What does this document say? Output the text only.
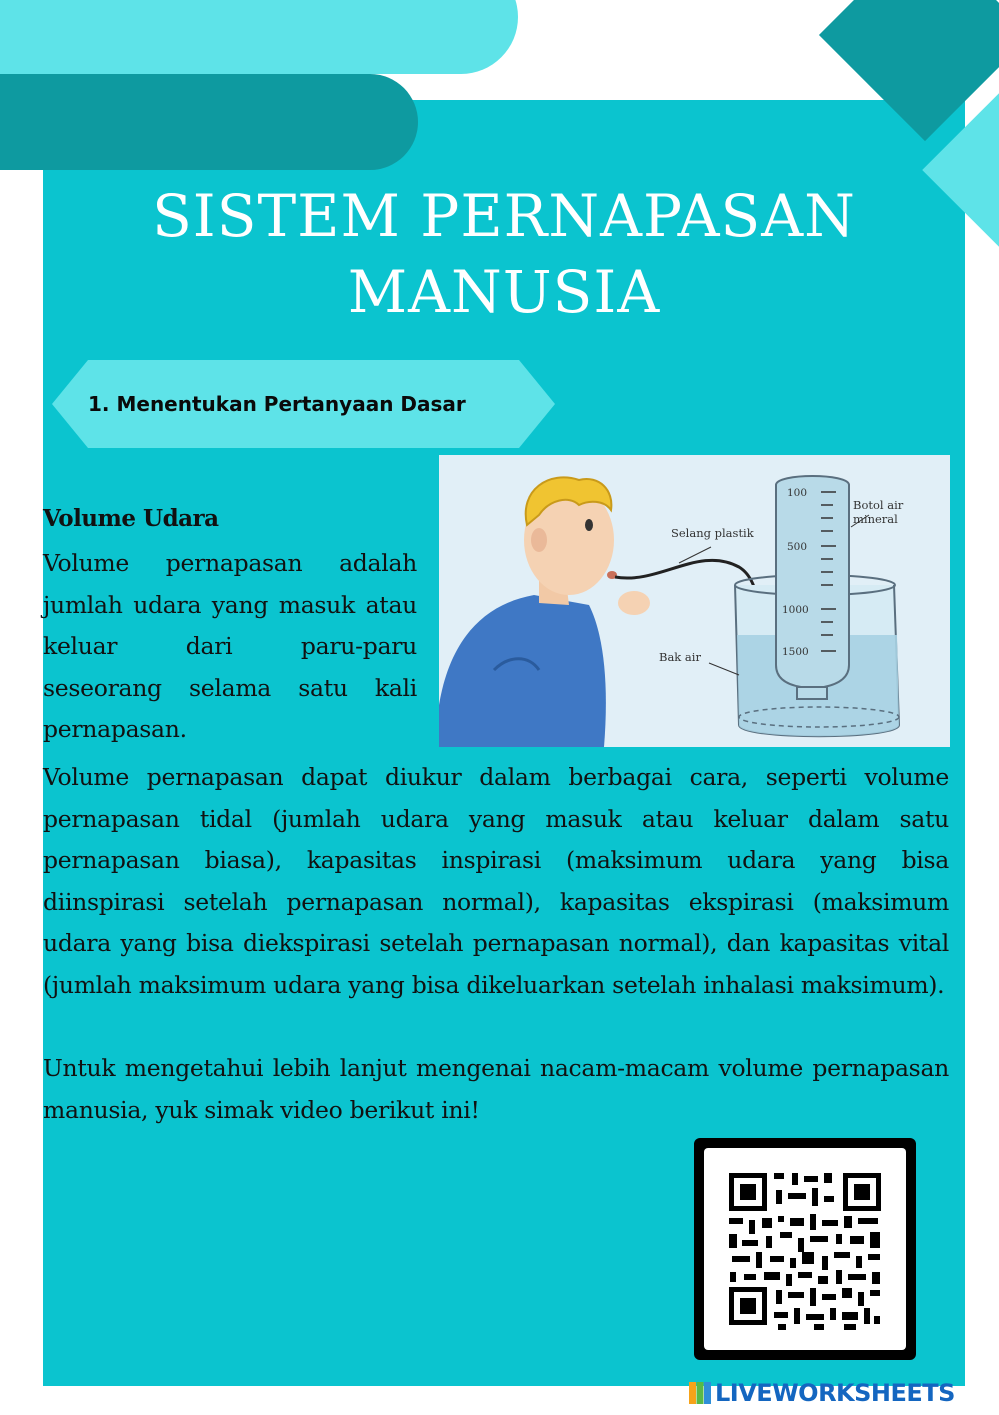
SISTEM PERNAPASAN
MANUSIA
1. Menentukan Pertanyaan Dasar
100
500
1000
1500
Selang plastik
Botol air
mineral
Bak air
Volume Udara
Volume pernapasan adalah jumlah udara yang masuk atau keluar dari paru-paru seseorang selama satu kali pernapasan.
Volume pernapasan dapat diukur dalam berbagai cara, seperti volume pernapasan tidal (jumlah udara yang masuk atau keluar dalam satu pernapasan biasa), kapasitas inspirasi (maksimum udara yang bisa diinspirasi setelah pernapasan normal), kapasitas ekspirasi (maksimum udara yang bisa diekspirasi setelah pernapasan normal), dan kapasitas vital (jumlah maksimum udara yang bisa dikeluarkan setelah inhalasi maksimum).
Untuk mengetahui lebih lanjut mengenai nacam-macam volume pernapasan manusia, yuk simak video berikut ini!
LIVEWORKSHEETS
